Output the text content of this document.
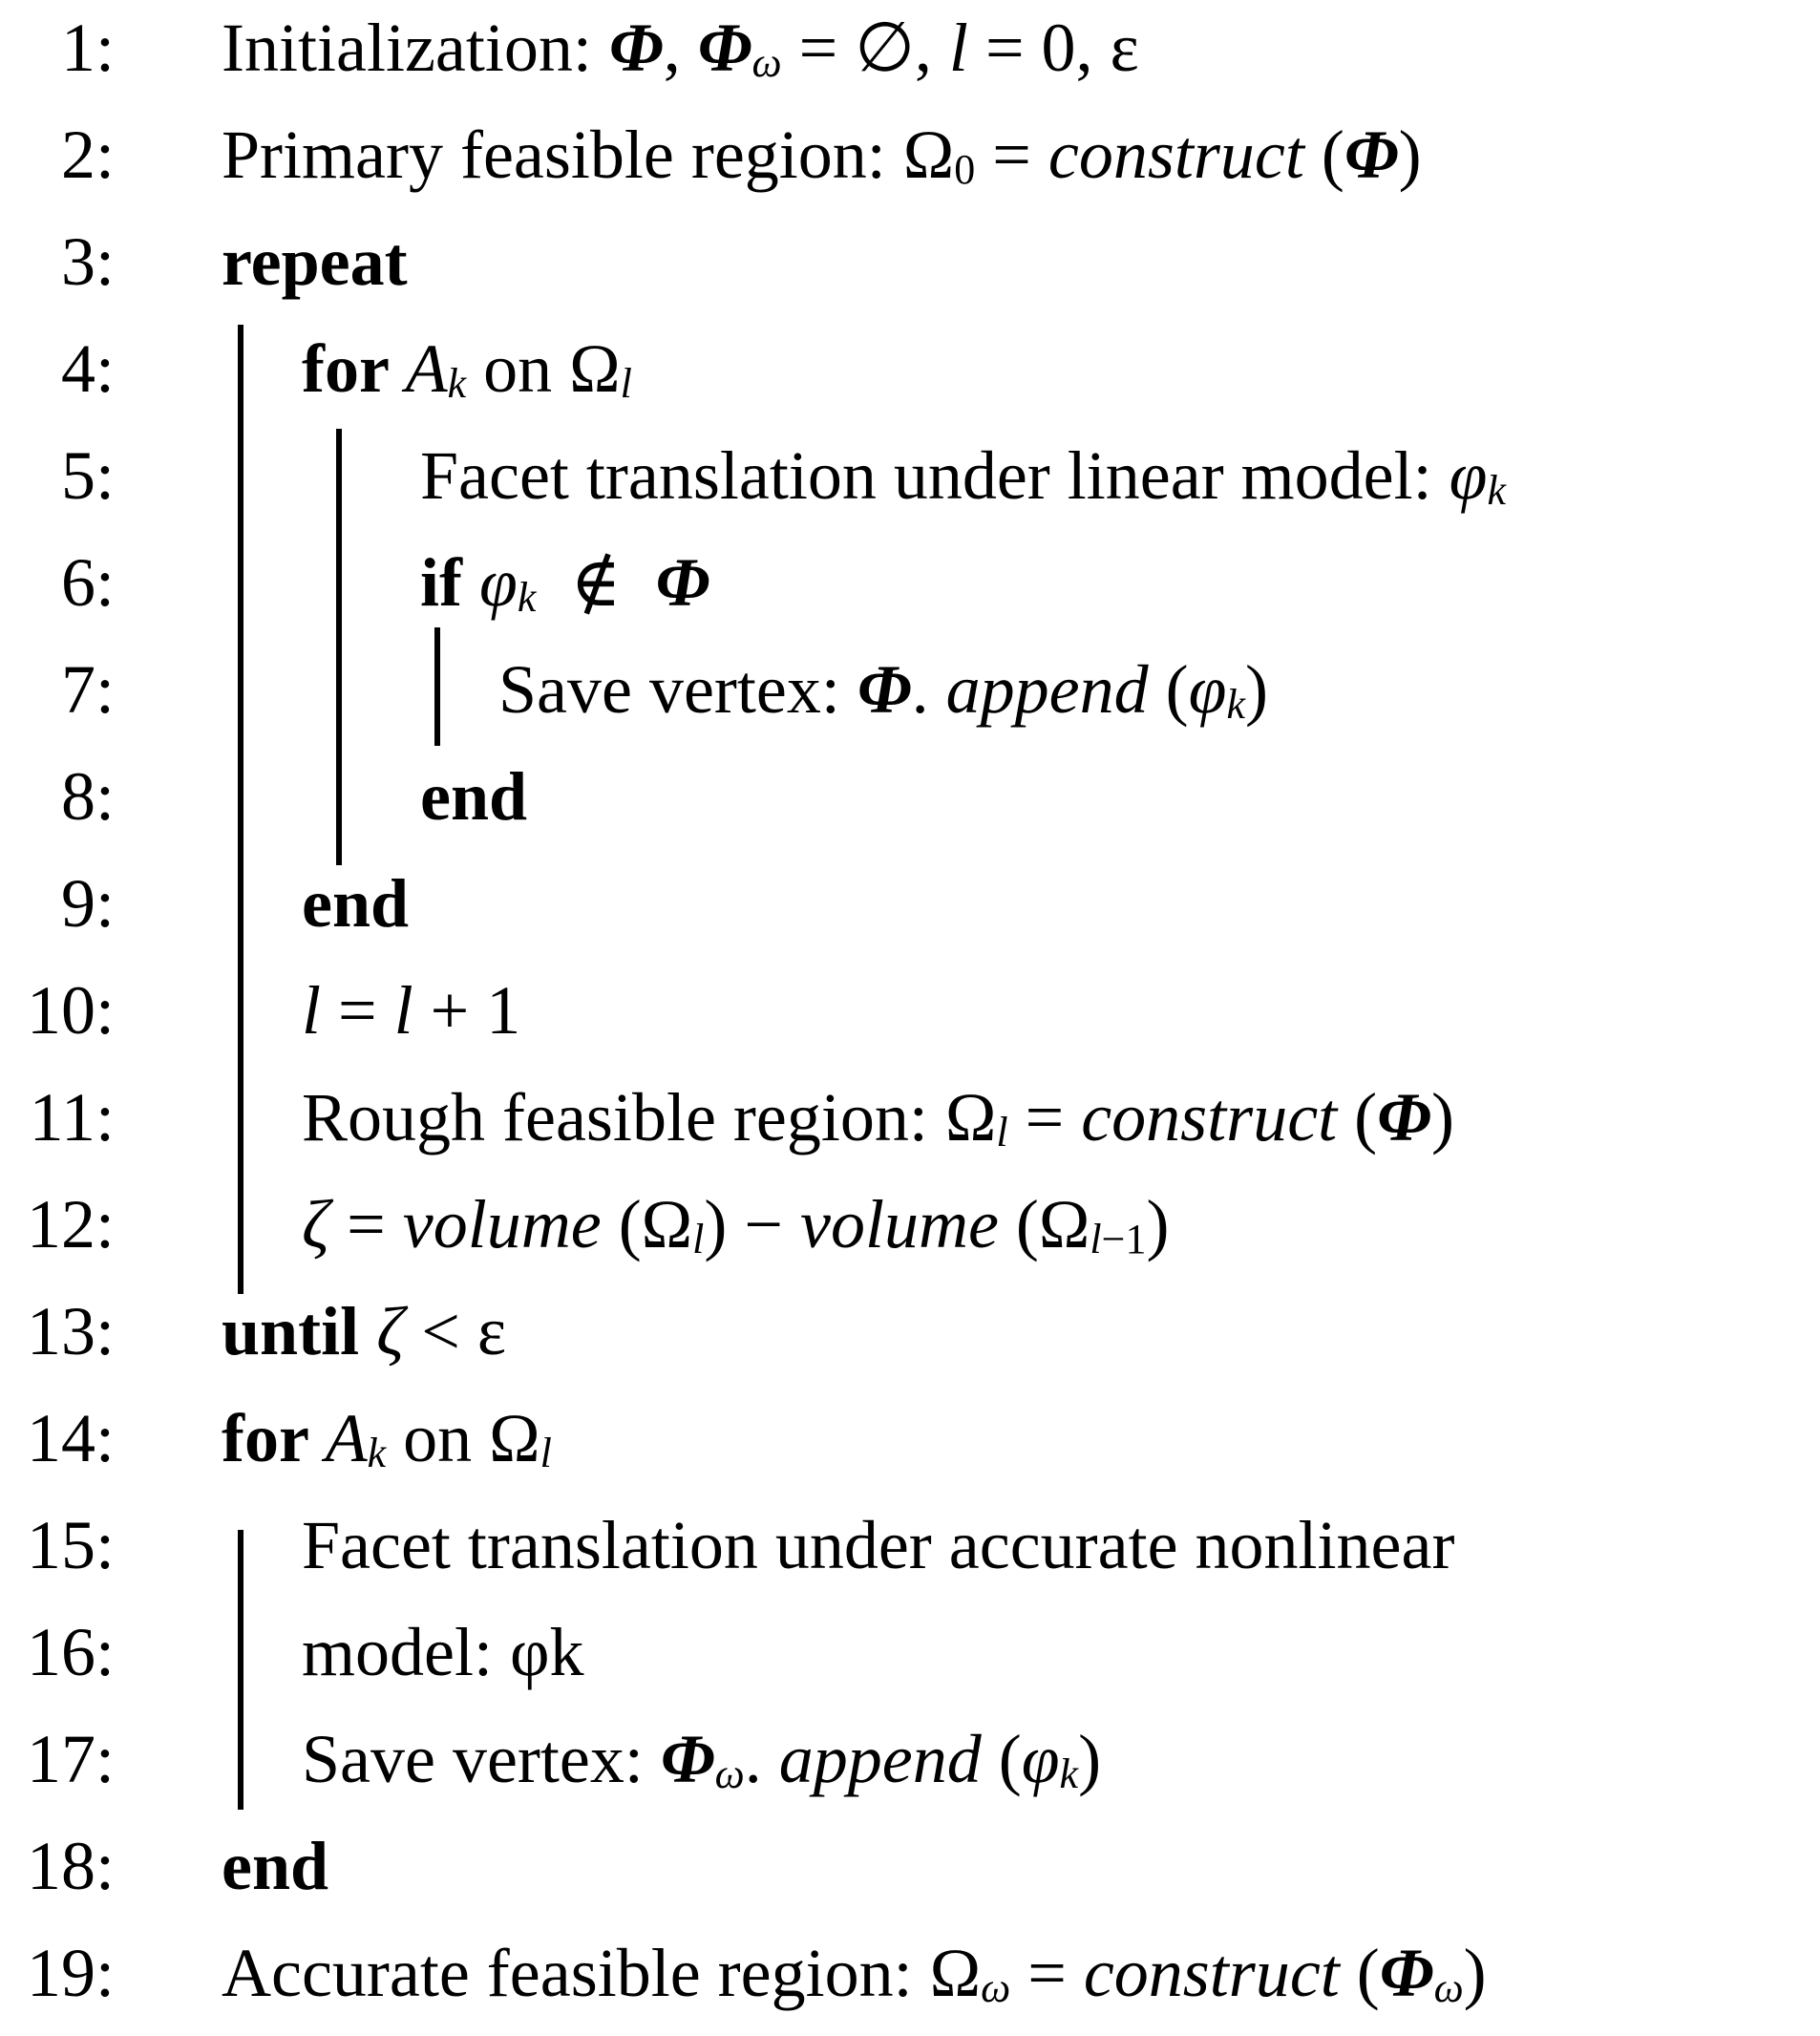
1: Initialization: Φ, Φω = ∅, l = 0, ε
2: Primary feasible region: Ω0 = construct (Φ)
3: repeat
4:	for Ak on Ωl
5:	Facet translation under linear model: φk
6:	if φk  ∉  Φ
7:	Save vertex: Φ. append (φk)
8:	end
9:	end
10:	l = l + 1
11:	Rough feasible region: Ωl = construct (Φ)
12:	ζ = volume (Ωl) − volume (Ωl−1)
13: until ζ < ε
14: for Ak on Ωl
15:	Facet translation under accurate nonlinear
16:	model: φk
17:	Save vertex: Φω. append (φk)
18: end
19: Accurate feasible region: Ωω = construct (Φω)
